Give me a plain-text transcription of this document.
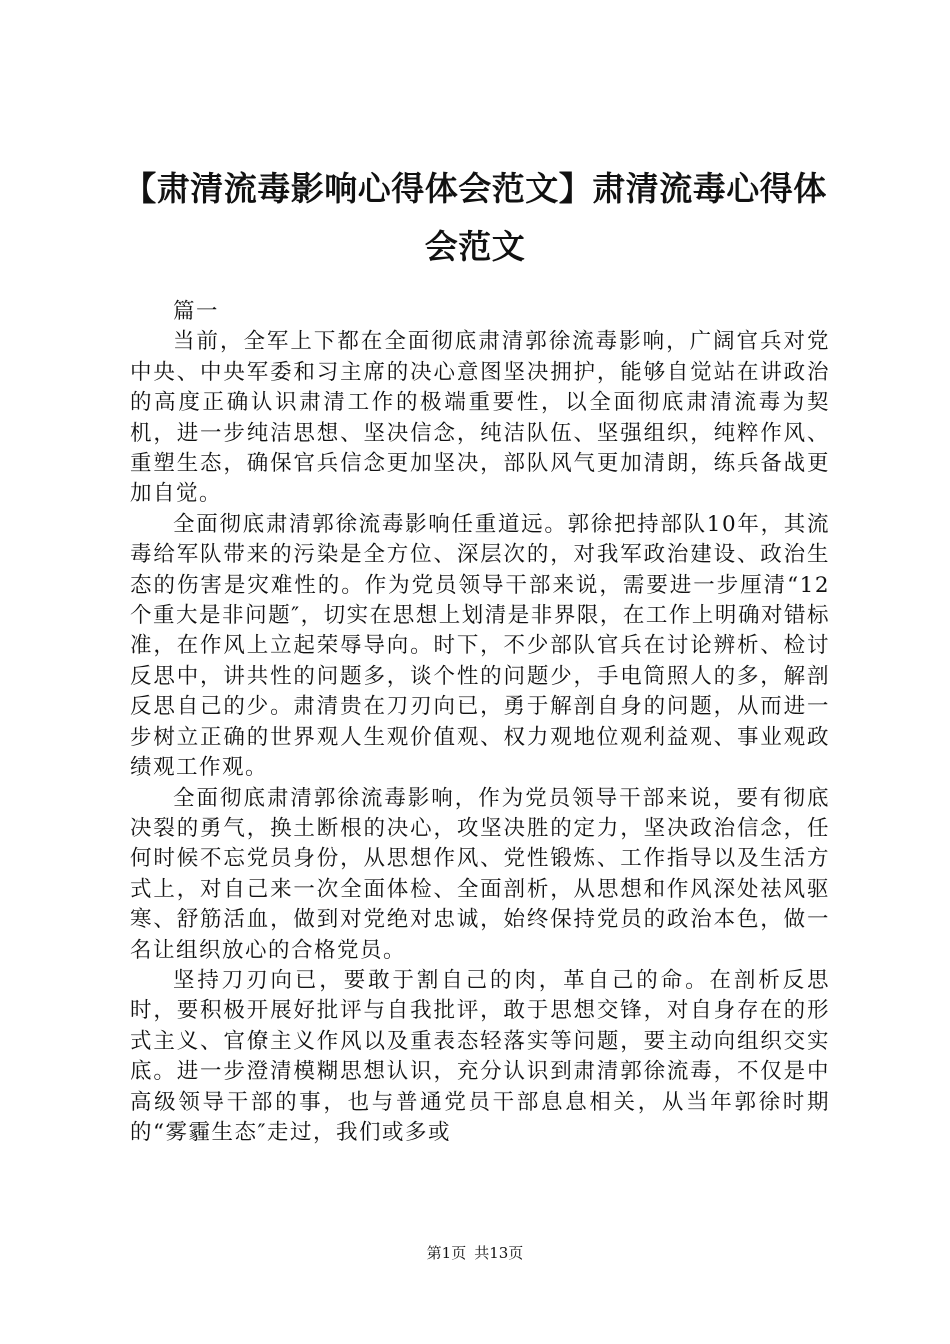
【肃清流毒影响心得体会范文】肃清流毒心得体会范文

篇一

当前，全军上下都在全面彻底肃清郭徐流毒影响，广阔官兵对党中央、中央军委和习主席的决心意图坚决拥护，能够自觉站在讲政治的高度正确认识肃清工作的极端重要性，以全面彻底肃清流毒为契机，进一步纯洁思想、坚决信念，纯洁队伍、坚强组织，纯粹作风、重塑生态，确保官兵信念更加坚决，部队风气更加清朗，练兵备战更加自觉。

全面彻底肃清郭徐流毒影响任重道远。郭徐把持部队10年，其流毒给军队带来的污染是全方位、深层次的，对我军政治建设、政治生态的伤害是灾难性的。作为党员领导干部来说，需要进一步厘清“12个重大是非问题″，切实在思想上划清是非界限，在工作上明确对错标准，在作风上立起荣辱导向。时下，不少部队官兵在讨论辨析、检讨反思中，讲共性的问题多，谈个性的问题少，手电筒照人的多，解剖反思自己的少。肃清贵在刀刃向已，勇于解剖自身的问题，从而进一步树立正确的世界观人生观价值观、权力观地位观利益观、事业观政绩观工作观。

全面彻底肃清郭徐流毒影响，作为党员领导干部来说，要有彻底决裂的勇气，换土断根的决心，攻坚决胜的定力，坚决政治信念，任何时候不忘党员身份，从思想作风、党性锻炼、工作指导以及生活方式上，对自己来一次全面体检、全面剖析，从思想和作风深处祛风驱寒、舒筋活血，做到对党绝对忠诚，始终保持党员的政治本色，做一名让组织放心的合格党员。

坚持刀刃向已，要敢于割自己的肉，革自己的命。在剖析反思时，要积极开展好批评与自我批评，敢于思想交锋，对自身存在的形式主义、官僚主义作风以及重表态轻落实等问题，要主动向组织交实底。进一步澄清模糊思想认识，充分认识到肃清郭徐流毒，不仅是中高级领导干部的事，也与普通党员干部息息相关，从当年郭徐时期的“雾霾生态″走过，我们或多或

第1页 共13页
